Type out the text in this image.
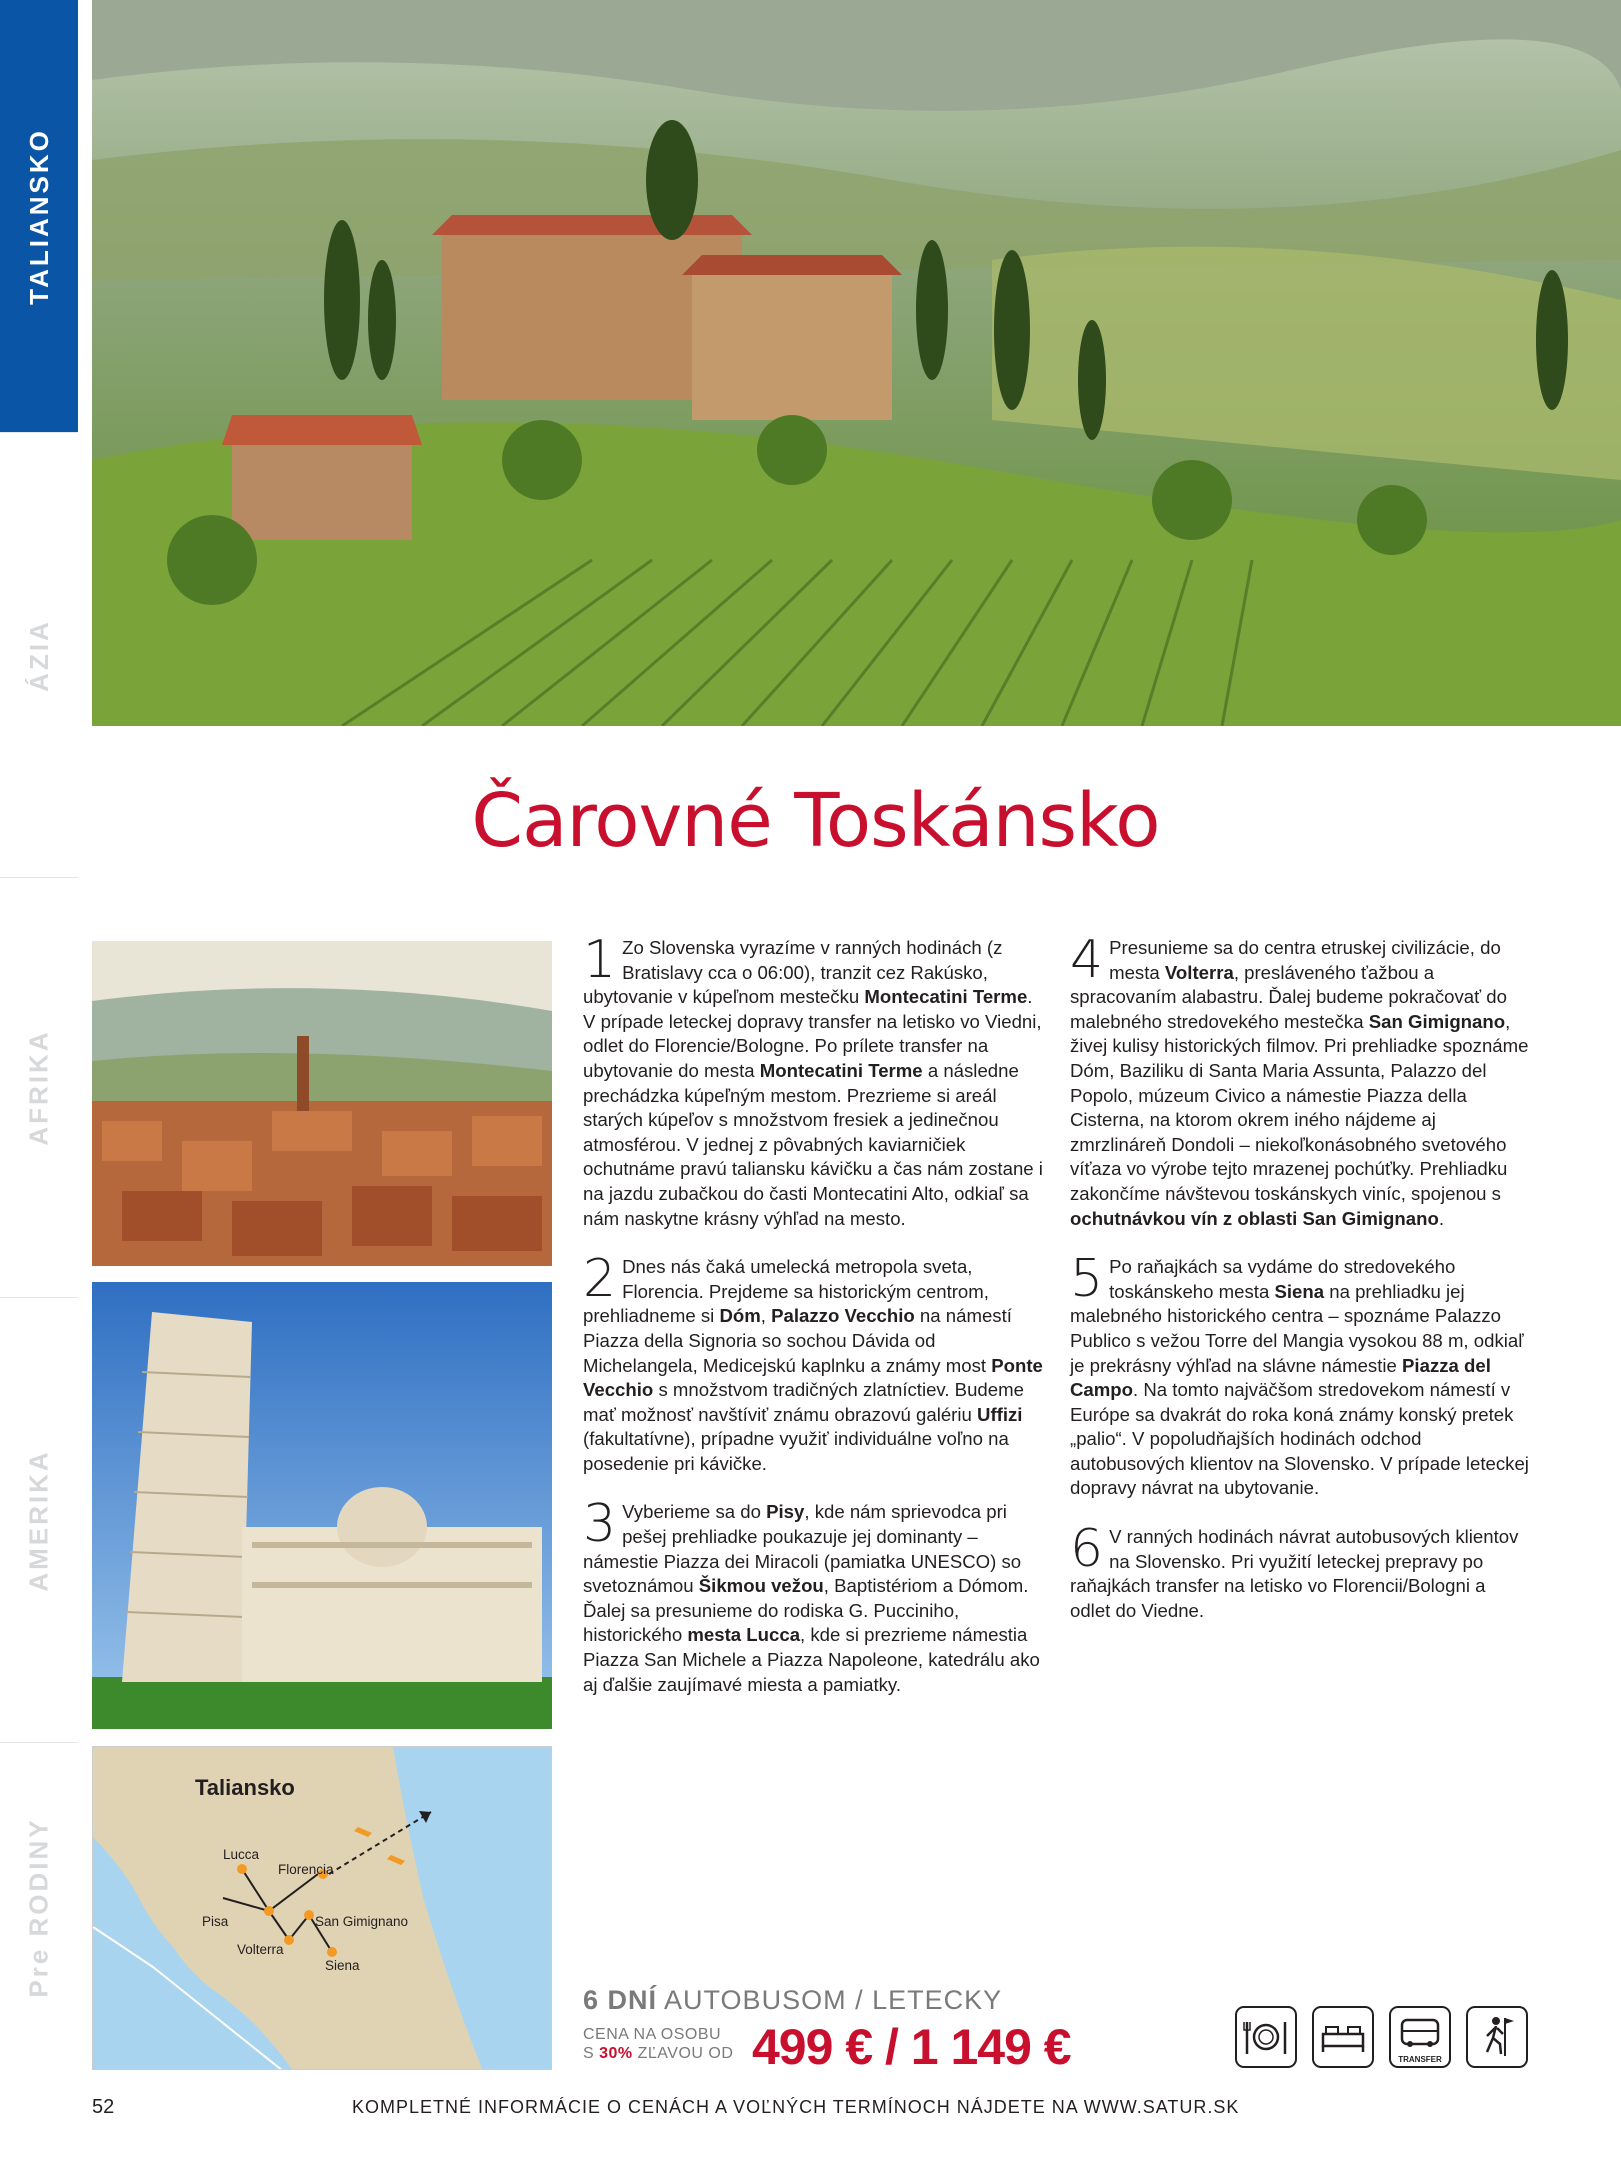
TALIANSKO
ÁZIA
AFRIKA
AMERIKA
Pre RODINY
Čarovné Toskánsko
Taliansko
Lucca
Florencia
Pisa	San Gimignano
Volterra
Siena
1 Zo Slovenska vyrazíme v ranných hodinách (z Bratislavy cca o 06:00), tranzit cez Rakúsko, ubytovanie v kúpeľnom mestečku Montecatini Terme. V prípade leteckej dopravy transfer na letisko vo Viedni, odlet do Florencie/Bologne. Po prílete transfer na ubytovanie do mesta Montecatini Terme a následne prechádzka kúpeľným mestom. Prezrieme si areál starých kúpeľov s množstvom fresiek a jedinečnou atmosférou. V jednej z pôvabných kaviarničiek ochutnáme pravú taliansku kávičku a čas nám zostane i na jazdu zubačkou do časti Montecatini Alto, odkiaľ sa nám naskytne krásny výhľad na mesto.
2 Dnes nás čaká umelecká metropola sveta, Florencia. Prejdeme sa historickým centrom, prehliadneme si Dóm, Palazzo Vecchio na námestí Piazza della Signoria so sochou Dávida od Michelangela, Medicejskú kaplnku a známy most Ponte Vecchio s množstvom tradičných zlatníctiev. Budeme mať možnosť navštíviť známu obrazovú galériu Uffizi (fakultatívne), prípadne využiť individuálne voľno na posedenie pri kávičke.
3 Vyberieme sa do Pisy, kde nám sprievodca pri pešej prehliadke poukazuje jej dominanty – námestie Piazza dei Miracoli (pamiatka UNESCO) so svetoznámou Šikmou vežou, Baptistériom a Dómom. Ďalej sa presunieme do rodiska G. Pucciniho, historického mesta Lucca, kde si prezrieme námestia Piazza San Michele a Piazza Napoleone, katedrálu ako aj ďalšie zaujímavé miesta a pamiatky.
4 Presunieme sa do centra etruskej civilizácie, do mesta Volterra, preslávenéh​o ťažbou a spracovaním alabastru. Ďalej budeme pokračovať do malebného stredovekého mestečka San Gimignano, živej kulisy historických filmov. Pri prehliadke spoznáme Dóm, Baziliku di Santa Maria Assunta, Palazzo del Popolo, múzeum Civico a námestie Piazza della Cisterna, na ktorom okrem iného nájdeme aj zmrzlináreň Dondoli – niekoľkonásobného svetového víťaza vo výrobe tejto mrazenej pochúťky. Prehliadku zakončíme návštevou toskánskych viníc, spojenou s ochutnávkou vín z oblasti San Gimignano.
5 Po raňajkách sa vydáme do stredovekého toskánskeho mesta Siena na prehliadku jej malebného historického centra – spoznáme Palazzo Publico s vežou Torre del Mangia vysokou 88 m, odkiaľ je prekrásny výhľad na slávne námestie Piazza del Campo. Na tomto najväčšom stredovekom námestí v Európe sa dvakrát do roka koná známy konský pretek „palio“. V popoludňajších hodinách odchod autobusových klientov na Slovensko. V prípade leteckej dopravy návrat na ubytovanie.
6 V ranných hodinách návrat autobusových klientov na Slovensko. Pri využití leteckej prepravy po raňajkách transfer na letisko vo Florencii/Bologni a odlet do Viedne.
6 DNÍ AUTOBUSOM / LETECKY
CENA NA OSOBU
S 30% ZĽAVOU OD 499 € / 1 149 €	TRANSFER
52	KOMPLETNÉ INFORMÁCIE O CENÁCH A VOĽNÝCH TERMÍNOCH NÁJDETE NA WWW.SATUR.SK
